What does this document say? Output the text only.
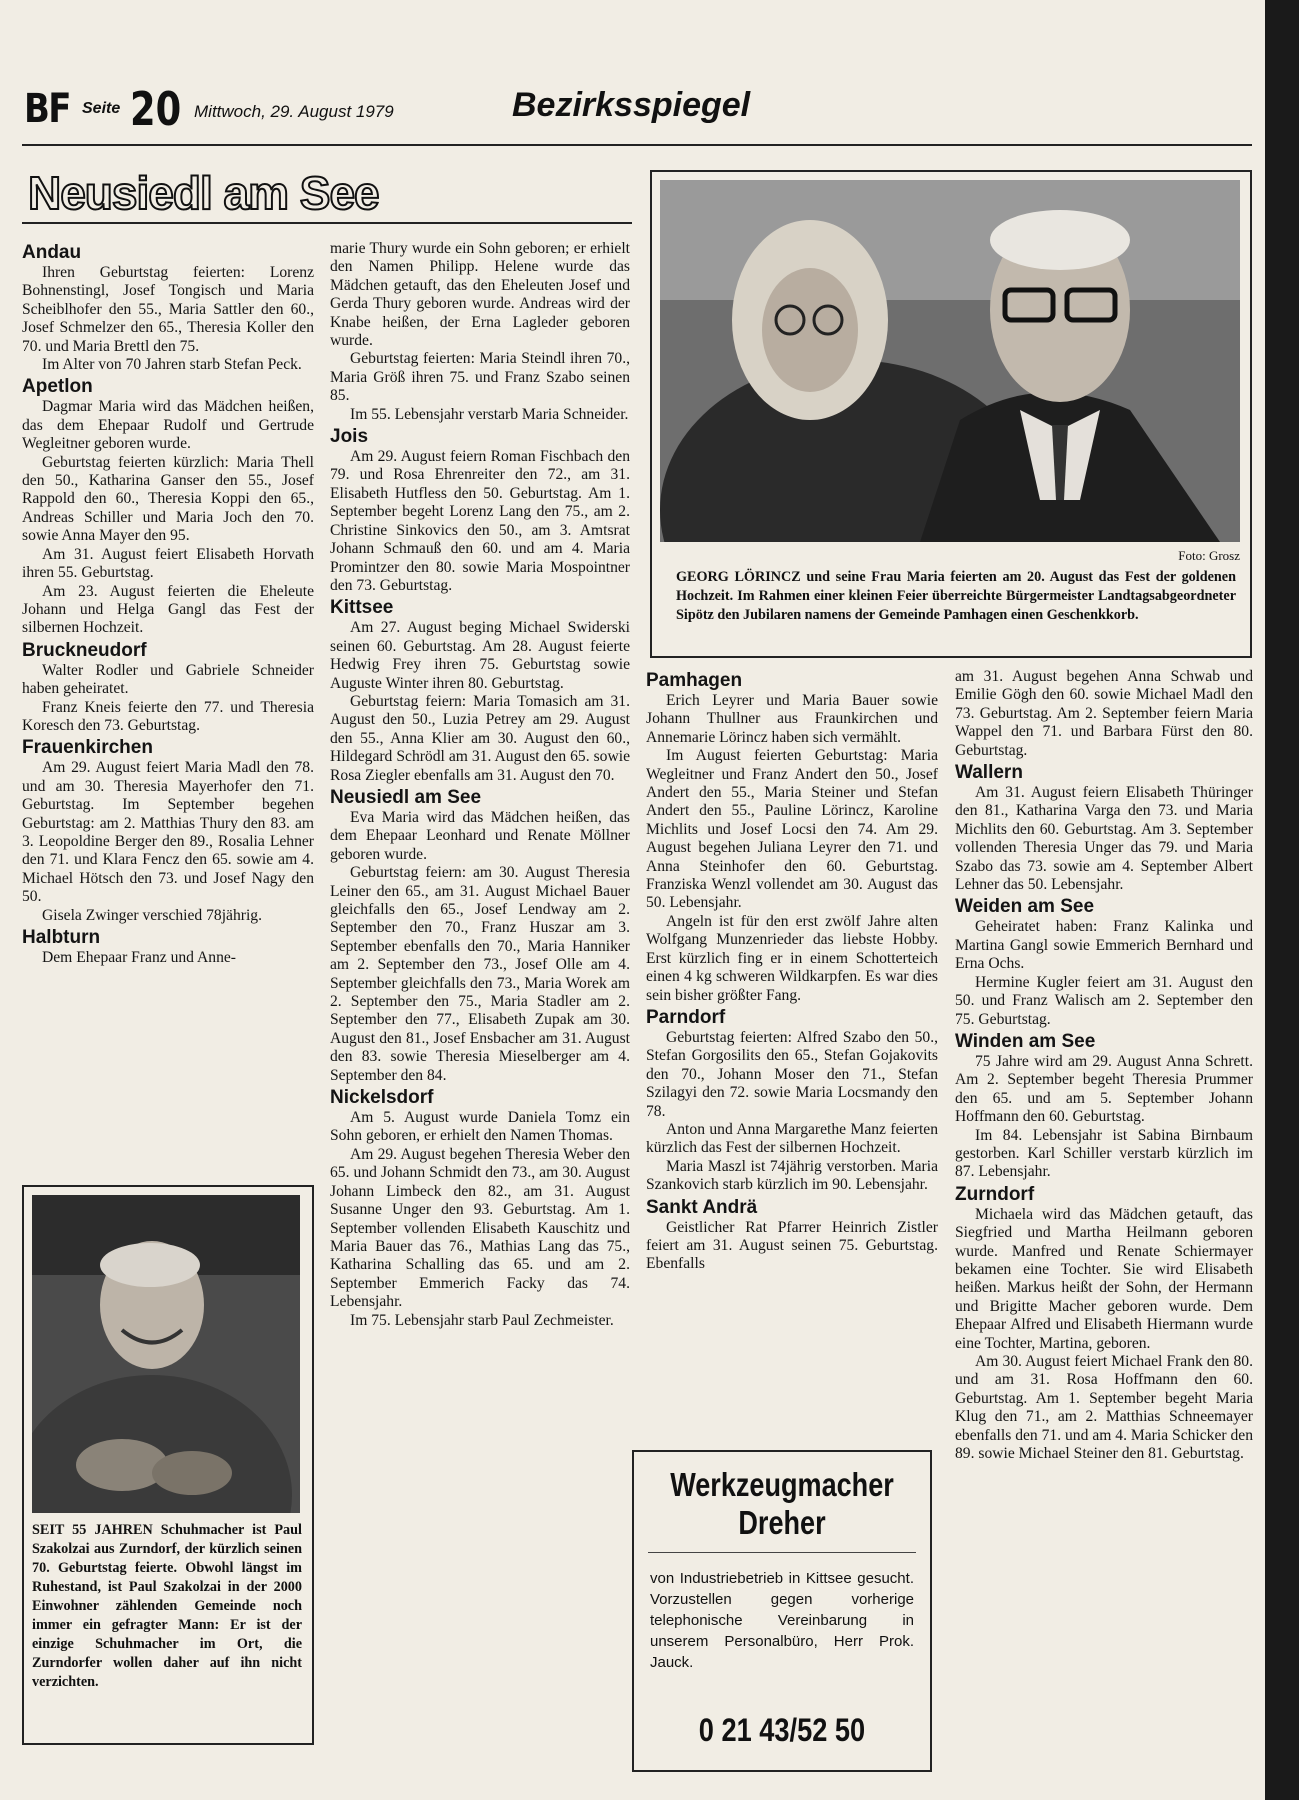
BF Seite 20 Mittwoch, 29. August 1979	Bezirksspiegel
Neusiedl am See
Andau

Ihren Geburtstag feierten: Lorenz Bohnenstingl, Josef Tongisch und Maria Scheiblhofer den 55., Maria Sattler den 60., Josef Schmelzer den 65., Theresia Koller den 70. und Maria Brettl den 75.

Im Alter von 70 Jahren starb Stefan Peck.

Apetlon

Dagmar Maria wird das Mädchen heißen, das dem Ehepaar Rudolf und Gertrude Wegleitner geboren wurde.

Geburtstag feierten kürzlich: Maria Thell den 50., Katharina Ganser den 55., Josef Rappold den 60., Theresia Koppi den 65., Andreas Schiller und Maria Joch den 70. sowie Anna Mayer den 95.

Am 31. August feiert Elisabeth Horvath ihren 55. Geburtstag.

Am 23. August feierten die Eheleute Johann und Helga Gangl das Fest der silbernen Hochzeit.

Bruckneudorf

Walter Rodler und Gabriele Schneider haben geheiratet.

Franz Kneis feierte den 77. und Theresia Koresch den 73. Geburtstag.

Frauenkirchen

Am 29. August feiert Maria Madl den 78. und am 30. Theresia Mayerhofer den 71. Geburtstag. Im September begehen Geburtstag: am 2. Matthias Thury den 83. am 3. Leopoldine Berger den 89., Rosalia Lehner den 71. und Klara Fencz den 65. sowie am 4. Michael Hötsch den 73. und Josef Nagy den 50.

Gisela Zwinger verschied 78jährig.

Halbturn

Dem Ehepaar Franz und Anne-

marie Thury wurde ein Sohn geboren; er erhielt den Namen Philipp. Helene wurde das Mädchen getauft, das den Eheleuten Josef und Gerda Thury geboren wurde. Andreas wird der Knabe heißen, der Erna Lagleder geboren wurde.

Geburtstag feierten: Maria Steindl ihren 70., Maria Größ ihren 75. und Franz Szabo seinen 85.

Im 55. Lebensjahr verstarb Maria Schneider.

Jois

Am 29. August feiern Roman Fischbach den 79. und Rosa Ehrenreiter den 72., am 31. Elisabeth Hutfless den 50. Geburtstag. Am 1. September begeht Lorenz Lang den 75., am 2. Christine Sinkovics den 50., am 3. Amtsrat Johann Schmauß den 60. und am 4. Maria Promintzer den 80. sowie Maria Mospointner den 73. Geburtstag.

Kittsee

Am 27. August beging Michael Swiderski seinen 60. Geburtstag. Am 28. August feierte Hedwig Frey ihren 75. Geburtstag sowie Auguste Winter ihren 80. Geburtstag.

Geburtstag feiern: Maria Tomasich am 31. August den 50., Luzia Petrey am 29. August den 55., Anna Klier am 30. August den 60., Hildegard Schrödl am 31. August den 65. sowie Rosa Ziegler ebenfalls am 31. August den 70.

Neusiedl am See

Eva Maria wird das Mädchen heißen, das dem Ehepaar Leonhard und Renate Möllner geboren wurde.

Geburtstag feiern: am 30. August Theresia Leiner den 65., am 31. August Michael Bauer gleichfalls den 65., Josef Lendway am 2. September den 70., Franz Huszar am 3. September ebenfalls den 70., Maria Hanniker am 2. September den 73., Josef Olle am 4. September gleichfalls den 73., Maria Worek am 2. September den 75., Maria Stadler am 2. September den 77., Elisabeth Zupak am 30. August den 81., Josef Ensbacher am 31. August den 83. sowie Theresia Mieselberger am 4. September den 84.

Nickelsdorf

Am 5. August wurde Daniela Tomz ein Sohn geboren, er erhielt den Namen Thomas.

Am 29. August begehen Theresia Weber den 65. und Johann Schmidt den 73., am 30. August Johann Limbeck den 82., am 31. August Susanne Unger den 93. Geburtstag. Am 1. September vollenden Elisabeth Kauschitz und Maria Bauer das 76., Mathias Lang das 75., Katharina Schalling das 65. und am 2. September Emmerich Facky das 74. Lebensjahr.

Im 75. Lebensjahr starb Paul Zechmeister.

Pamhagen

Erich Leyrer und Maria Bauer sowie Johann Thullner aus Fraunkirchen und Annemarie Lörincz haben sich vermählt.

Im August feierten Geburtstag: Maria Wegleitner und Franz Andert den 50., Josef Andert den 55., Maria Steiner und Stefan Andert den 55., Pauline Lörincz, Karoline Michlits und Josef Locsi den 74. Am 29. August begehen Juliana Leyrer den 71. und Anna Steinhofer den 60. Geburtstag. Franziska Wenzl vollendet am 30. August das 50. Lebensjahr.

Angeln ist für den erst zwölf Jahre alten Wolfgang Munzenrieder das liebste Hobby. Erst kürzlich fing er in einem Schotterteich einen 4 kg schweren Wildkarpfen. Es war dies sein bisher größter Fang.

Parndorf

Geburtstag feierten: Alfred Szabo den 50., Stefan Gorgosilits den 65., Stefan Gojakovits den 70., Johann Moser den 71., Stefan Szilagyi den 72. sowie Maria Locsmandy den 78.

Anton und Anna Margarethe Manz feierten kürzlich das Fest der silbernen Hochzeit.

Maria Maszl ist 74jährig verstorben. Maria Szankovich starb kürzlich im 90. Lebensjahr.

Sankt Andrä

Geistlicher Rat Pfarrer Heinrich Zistler feiert am 31. August seinen 75. Geburtstag. Ebenfalls

am 31. August begehen Anna Schwab und Emilie Gögh den 60. sowie Michael Madl den 73. Geburtstag. Am 2. September feiern Maria Wappel den 71. und Barbara Fürst den 80. Geburtstag.

Wallern

Am 31. August feiern Elisabeth Thüringer den 81., Katharina Varga den 73. und Maria Michlits den 60. Geburtstag. Am 3. September vollenden Theresia Unger das 79. und Maria Szabo das 73. sowie am 4. September Albert Lehner das 50. Lebensjahr.

Weiden am See

Geheiratet haben: Franz Kalinka und Martina Gangl sowie Emmerich Bernhard und Erna Ochs.

Hermine Kugler feiert am 31. August den 50. und Franz Walisch am 2. September den 75. Geburtstag.

Winden am See

75 Jahre wird am 29. August Anna Schrett. Am 2. September begeht Theresia Prummer den 65. und am 5. September Johann Hoffmann den 60. Geburtstag.

Im 84. Lebensjahr ist Sabina Birnbaum gestorben. Karl Schiller verstarb kürzlich im 87. Lebensjahr.

Zurndorf

Michaela wird das Mädchen getauft, das Siegfried und Martha Heilmann geboren wurde. Manfred und Renate Schiermayer bekamen eine Tochter. Sie wird Elisabeth heißen. Markus heißt der Sohn, der Hermann und Brigitte Macher geboren wurde. Dem Ehepaar Alfred und Elisabeth Hiermann wurde eine Tochter, Martina, geboren.

Am 30. August feiert Michael Frank den 80. und am 31. Rosa Hoffmann den 60. Geburtstag. Am 1. September begeht Maria Klug den 71., am 2. Matthias Schneemayer ebenfalls den 71. und am 4. Maria Schicker den 89. sowie Michael Steiner den 81. Geburtstag.

Foto: Grosz
GEORG LÖRINCZ und seine Frau Maria feierten am 20. August das Fest der goldenen Hochzeit. Im Rahmen einer kleinen Feier überreichte Bürgermeister Landtagsabgeordneter Sipötz den Jubilaren namens der Gemeinde Pamhagen einen Geschenkkorb.
SEIT 55 JAHREN Schuhmacher ist Paul Szakolzai aus Zurndorf, der kürzlich seinen 70. Geburtstag feierte. Obwohl längst im Ruhestand, ist Paul Szakolzai in der 2000 Einwohner zählenden Gemeinde noch immer ein gefragter Mann: Er ist der einzige Schuhmacher im Ort, die Zurndorfer wollen daher auf ihn nicht verzichten.
Werkzeugmacher
Dreher
von Industriebetrieb in Kittsee gesucht. Vorzustellen gegen vorherige telephonische Vereinbarung in unserem Personalbüro, Herr Prok. Jauck.
0 21 43/52 50
